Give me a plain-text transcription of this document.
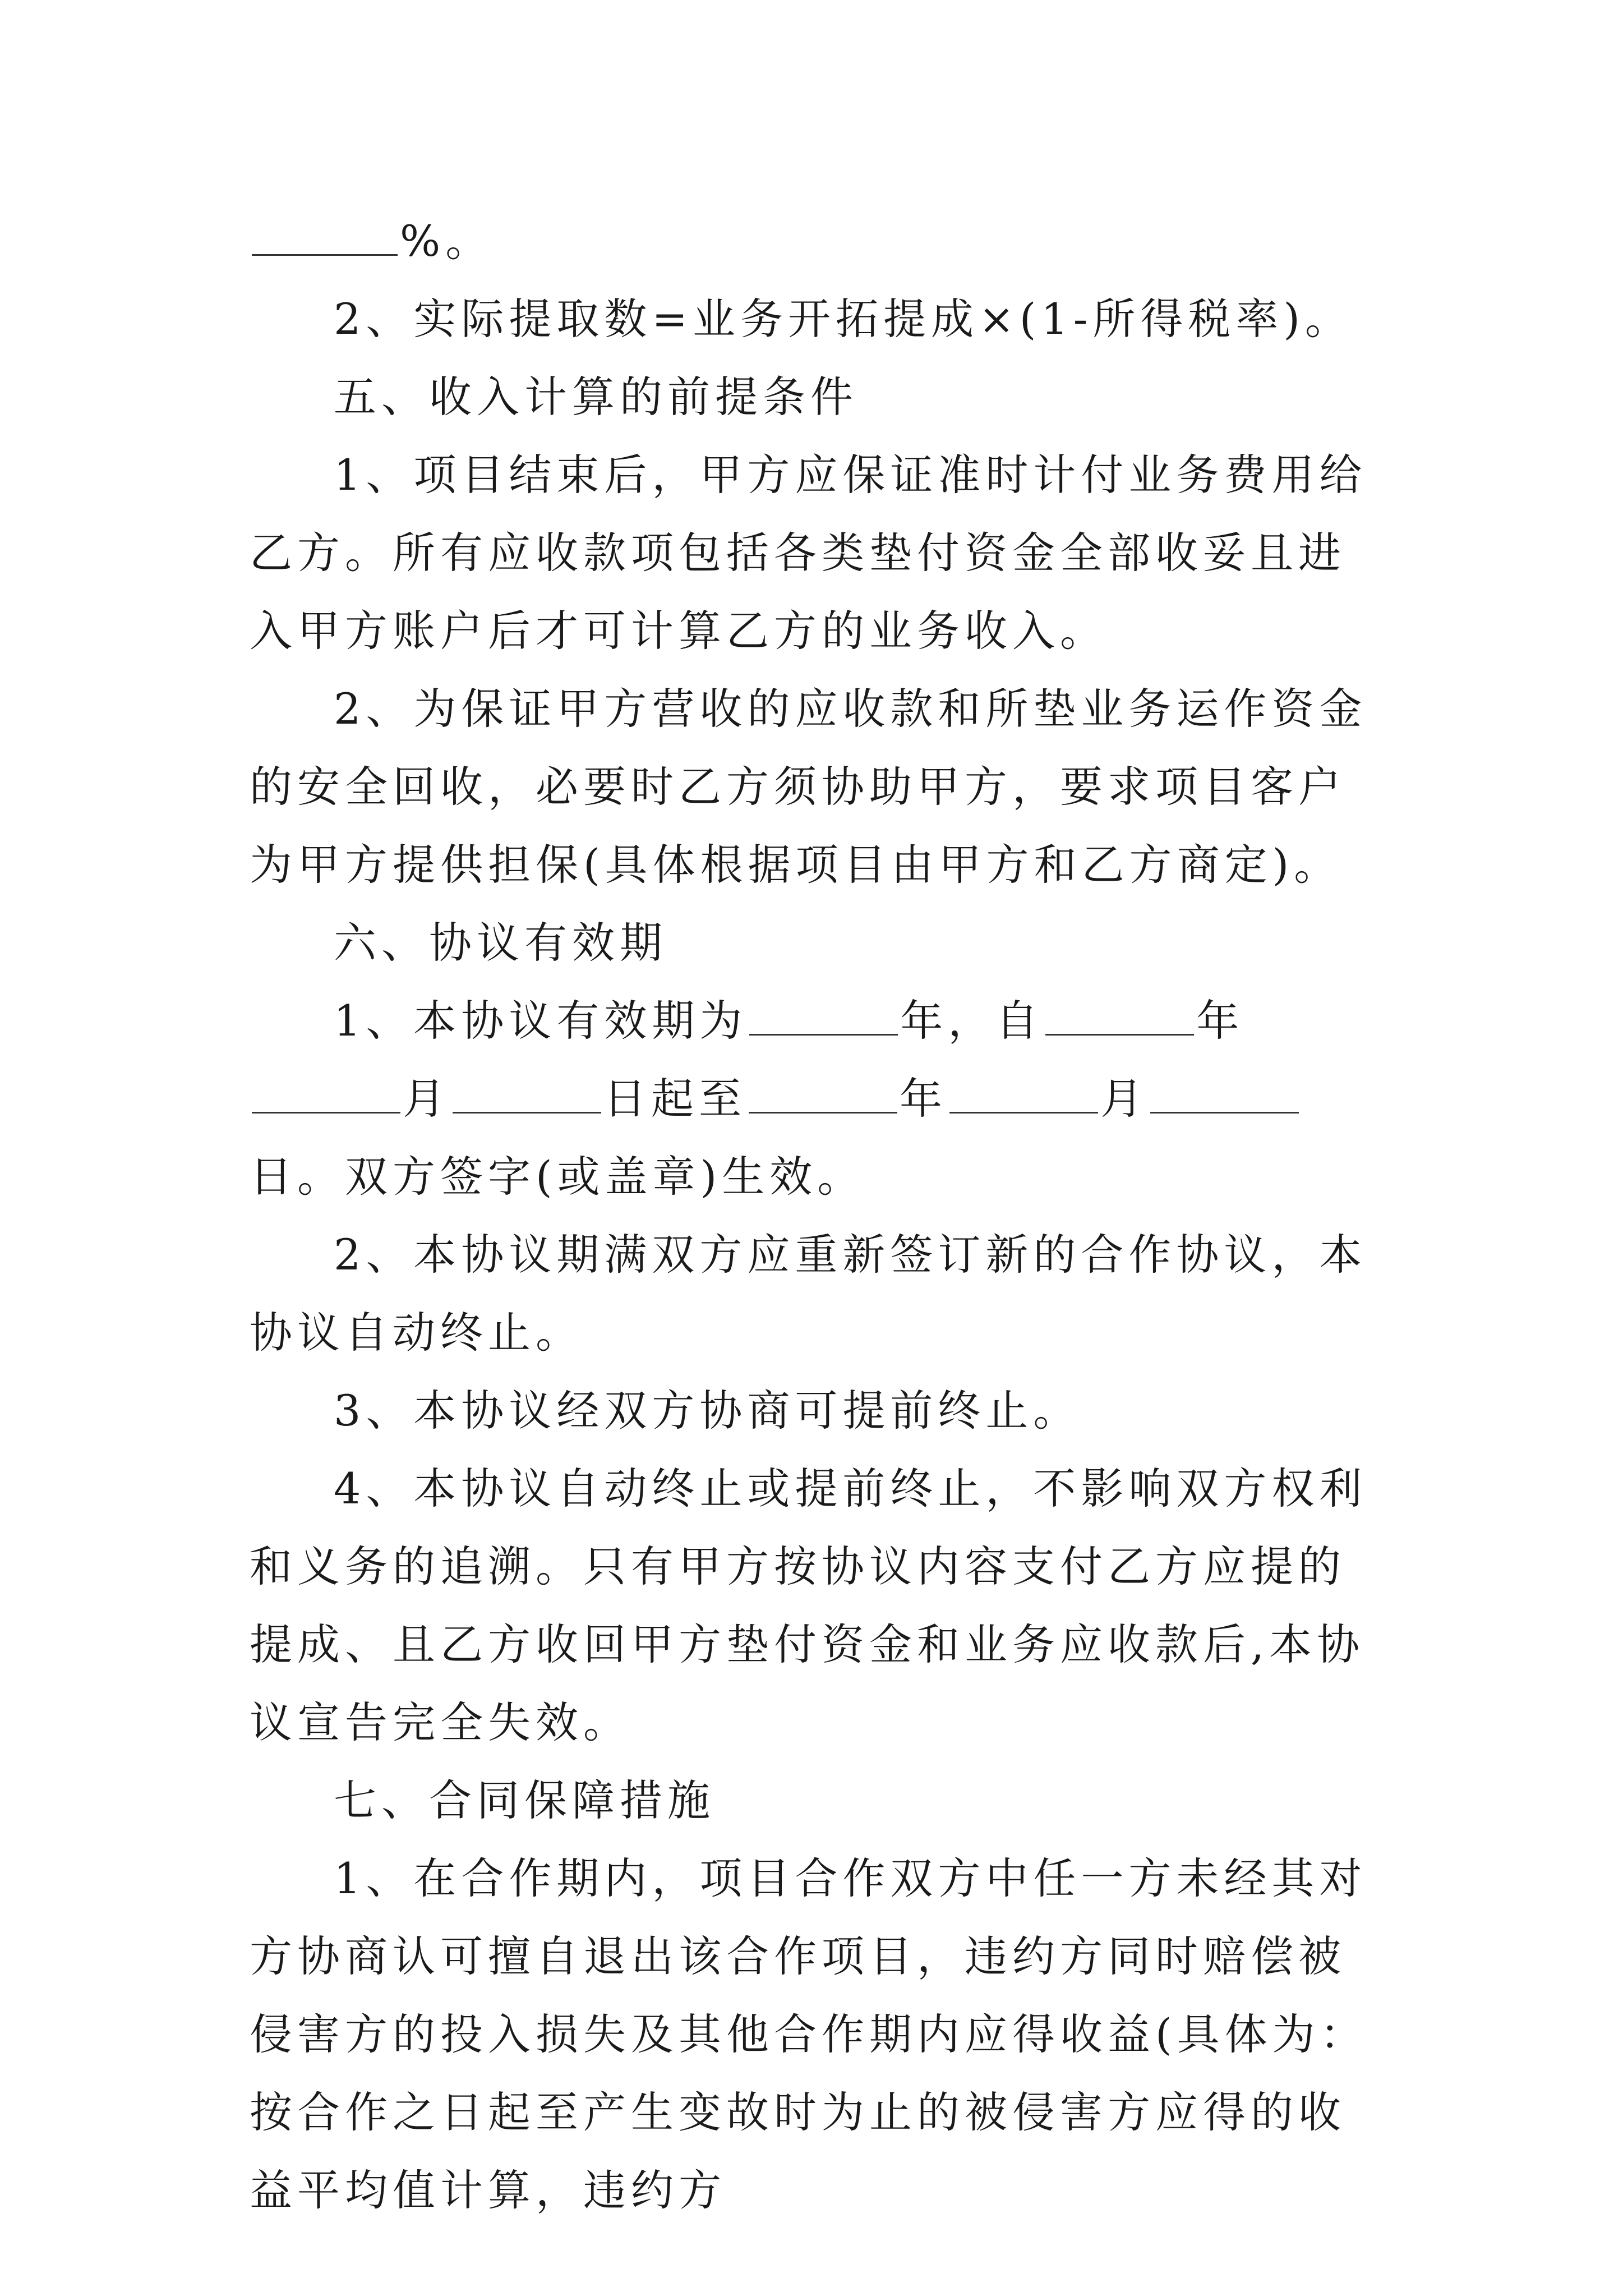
%。

2、实际提取数=业务开拓提成×(1-所得税率)。

五、收入计算的前提条件

1、项目结束后，甲方应保证准时计付业务费用给乙方。所有应收款项包括各类垫付资金全部收妥且进入甲方账户后才可计算乙方的业务收入。

2、为保证甲方营收的应收款和所垫业务运作资金的安全回收，必要时乙方须协助甲方，要求项目客户为甲方提供担保(具体根据项目由甲方和乙方商定)。

六、协议有效期

1、本协议有效期为	年，自	年月	日起至	年	月日。双方签字(或盖章)生效。

2、本协议期满双方应重新签订新的合作协议，本协议自动终止。

3、本协议经双方协商可提前终止。

4、本协议自动终止或提前终止，不影响双方权利和义务的追溯。只有甲方按协议内容支付乙方应提的提成、且乙方收回甲方垫付资金和业务应收款后,本协议宣告完全失效。

七、合同保障措施

1、在合作期内，项目合作双方中任一方未经其对方协商认可擅自退出该合作项目，违约方同时赔偿被侵害方的投入损失及其他合作期内应得收益(具体为：按合作之日起至产生变故时为止的被侵害方应得的收益平均值计算，违约方
